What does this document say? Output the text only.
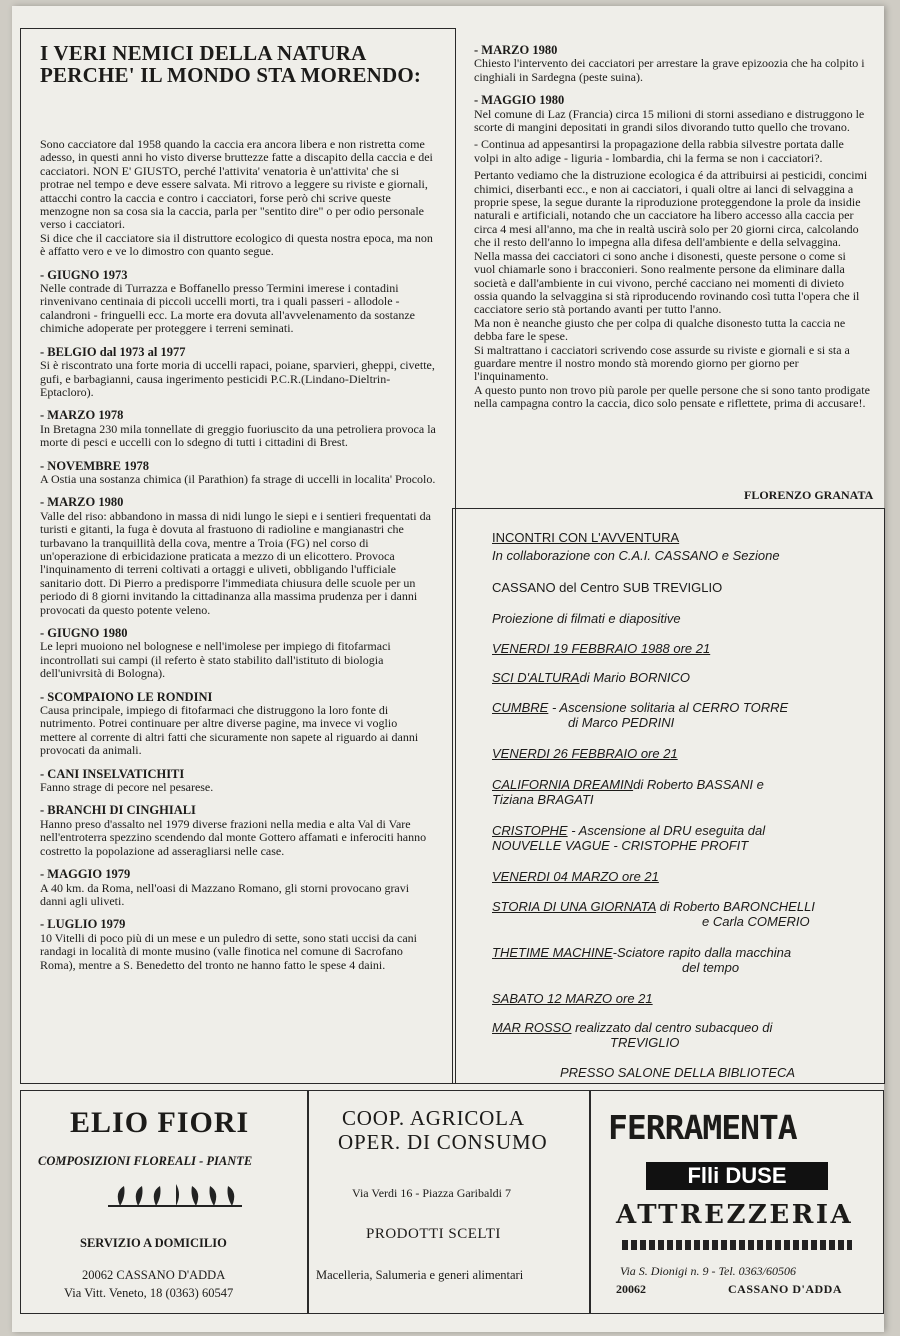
I VERI NEMICI DELLA NATURA
PERCHE' IL MONDO STA MORENDO:

Sono cacciatore dal 1958 quando la caccia era ancora libera e non ristretta come adesso, in questi anni ho visto diverse bruttezze fatte a discapito della caccia e dei cacciatori. NON E' GIUSTO, perché l'attivita' venatoria è un'attivita' che si protrae nel tempo e deve essere salvata. Mi ritrovo a leggere su riviste e giornali, attacchi contro la caccia e contro i cacciatori, forse però chi scrive queste menzogne non sa cosa sia la caccia, parla per "sentito dire" o per odio personale verso i cacciatori.

Si dice che il cacciatore sia il distruttore ecologico di questa nostra epoca, ma non è affatto vero e ve lo dimostro con quanto segue.

- GIUGNO 1973

Nelle contrade di Turrazza e Boffanello presso Termini imerese i contadini rinvenivano centinaia di piccoli uccelli morti, tra i quali passeri - allodole - calandroni - fringuelli ecc. La morte era dovuta all'avvelenamento da sostanze chimiche adoperate per proteggere i terreni seminati.

- BELGIO dal 1973 al 1977

Si è riscontrato una forte moria di uccelli rapaci, poiane, sparvieri, gheppi, civette, gufi, e barbagianni, causa ingerimento pesticidi P.C.R.(Lindano-Dieltrin-Eptacloro).

- MARZO 1978

In Bretagna 230 mila tonnellate di greggio fuoriuscito da una petroliera provoca la morte di pesci e uccelli con lo sdegno di tutti i cittadini di Brest.

- NOVEMBRE 1978

A Ostia una sostanza chimica (il Parathion) fa strage di uccelli in localita' Procolo.

- MARZO 1980

Valle del riso: abbandono in massa di nidi lungo le siepi e i sentieri frequentati da turisti e gitanti, la fuga è dovuta al frastuono di radioline e mangianastri che turbavano la tranquillità della cova, mentre a Troia (FG) nel corso di un'operazione di erbicidazione praticata a mezzo di un elicottero. Provoca l'inquinamento di terreni coltivati a ortaggi e uliveti, obbligando l'ufficiale sanitario dott. Di Pierro a predisporre l'immediata chiusura delle scuole per un periodo di 8 giorni invitando la cittadinanza alla massima prudenza per i danni provocati da questo potente veleno.

- GIUGNO 1980

Le lepri muoiono nel bolognese e nell'imolese per impiego di fitofarmaci incontrollati sui campi (il referto è stato stabilito dall'istituto di biologia dell'univrsità di Bologna).

- SCOMPAIONO LE RONDINI

Causa principale, impiego di fitofarmaci che distruggono la loro fonte di nutrimento. Potrei continuare per altre diverse pagine, ma invece vi voglio mettere al corrente di altri fatti che sicuramente non sapete al riguardo ai danni provocati da animali.

- CANI INSELVATICHITI

Fanno strage di pecore nel pesarese.

- BRANCHI DI CINGHIALI

Hanno preso d'assalto nel 1979 diverse frazioni nella media e alta Val di Vare nell'entroterra spezzino scendendo dal monte Gottero affamati e inferociti hanno costretto la popolazione ad asseragliarsi nelle case.

- MAGGIO 1979

A 40 km. da Roma, nell'oasi di Mazzano Romano, gli storni provocano gravi danni agli uliveti.

- LUGLIO 1979

10 Vitelli di poco più di un mese e un puledro di sette, sono stati uccisi da cani randagi in località di monte musino (valle finotica nel comune di Sacrofano Roma), mentre a S. Benedetto del tronto ne hanno fatto le spese 4 daini.

- MARZO 1980

Chiesto l'intervento dei cacciatori per arrestare la grave epizoozia che ha colpito i cinghiali in Sardegna (peste suina).

- MAGGIO 1980

Nel comune di Laz (Francia) circa 15 milioni di storni assediano e distruggono le scorte di mangini depositati in grandi silos divorando tutto quello che trovano.

- Continua ad appesantirsi la propagazione della rabbia silvestre portata dalle volpi in alto adige - liguria - lombardia, chi la ferma se non i cacciatori?.

Pertanto vediamo che la distruzione ecologica é da attribuirsi ai pesticidi, concimi chimici, diserbanti ecc., e non ai cacciatori, i quali oltre ai lanci di selvaggina a proprie spese, la segue durante la riproduzione proteggendone la prole da insidie naturali e artificiali, notando che un cacciatore ha libero accesso alla caccia per circa 4 mesi all'anno, ma che in realtà uscirà solo per 20 giorni circa, calcolando che il resto dell'anno lo impegna alla difesa dell'ambiente e della selvaggina.

Nella massa dei cacciatori ci sono anche i disonesti, queste persone o come si vuol chiamarle sono i bracconieri. Sono realmente persone da eliminare dalla società e dall'ambiente in cui vivono, perché cacciano nei momenti di divieto ossia quando la selvaggina si stà riproducendo rovinando così tutta l'opera che il cacciatore serio stà portando avanti per tutto l'anno.

Ma non è neanche giusto che per colpa di qualche disonesto tutta la caccia ne debba fare le spese.

Si maltrattano i cacciatori scrivendo cose assurde su riviste e giornali e si sta a guardare mentre il nostro mondo stà morendo giorno per giorno per l'inquinamento.

A questo punto non trovo più parole per quelle persone che si sono tanto prodigate nella campagna contro la caccia, dico solo pensate e riflettete, prima di accusare!.

FLORENZO GRANATA
INCONTRI CON L'AVVENTURA
In collaborazione con C.A.I. CASSANO e Sezione
CASSANO del Centro SUB TREVIGLIO
Proiezione di filmati e diapositive
VENERDI 19 FEBBRAIO 1988 ore 21
SCI D'ALTURAdi Mario BORNICO
CUMBRE - Ascensione solitaria al CERRO TORRE
di Marco PEDRINI
VENERDI 26 FEBBRAIO ore 21
CALIFORNIA DREAMINdi Roberto BASSANI e
Tiziana BRAGATI
CRISTOPHE - Ascensione al DRU eseguita dal
NOUVELLE VAGUE - CRISTOPHE PROFIT
VENERDI 04 MARZO ore 21
STORIA DI UNA GIORNATA di Roberto BARONCHELLI
e Carla COMERIO
THETIME MACHINE-Sciatore rapito dalla macchina
del tempo
SABATO 12 MARZO ore 21
MAR ROSSO realizzato dal centro subacqueo di
TREVIGLIO
PRESSO SALONE DELLA BIBLIOTECA
ELIO FIORI
COMPOSIZIONI FLOREALI - PIANTE
SERVIZIO A DOMICILIO
20062 CASSANO D'ADDA
Via Vitt. Veneto, 18 (0363) 60547
COOP. AGRICOLA
OPER. DI CONSUMO
Via Verdi 16 - Piazza Garibaldi 7
PRODOTTI SCELTI
Macelleria, Salumeria e generi alimentari
FERRAMENTA
Flli DUSE
ATTREZZERIA
Via S. Dionigi n. 9 - Tel. 0363/60506
20062	CASSANO D'ADDA
